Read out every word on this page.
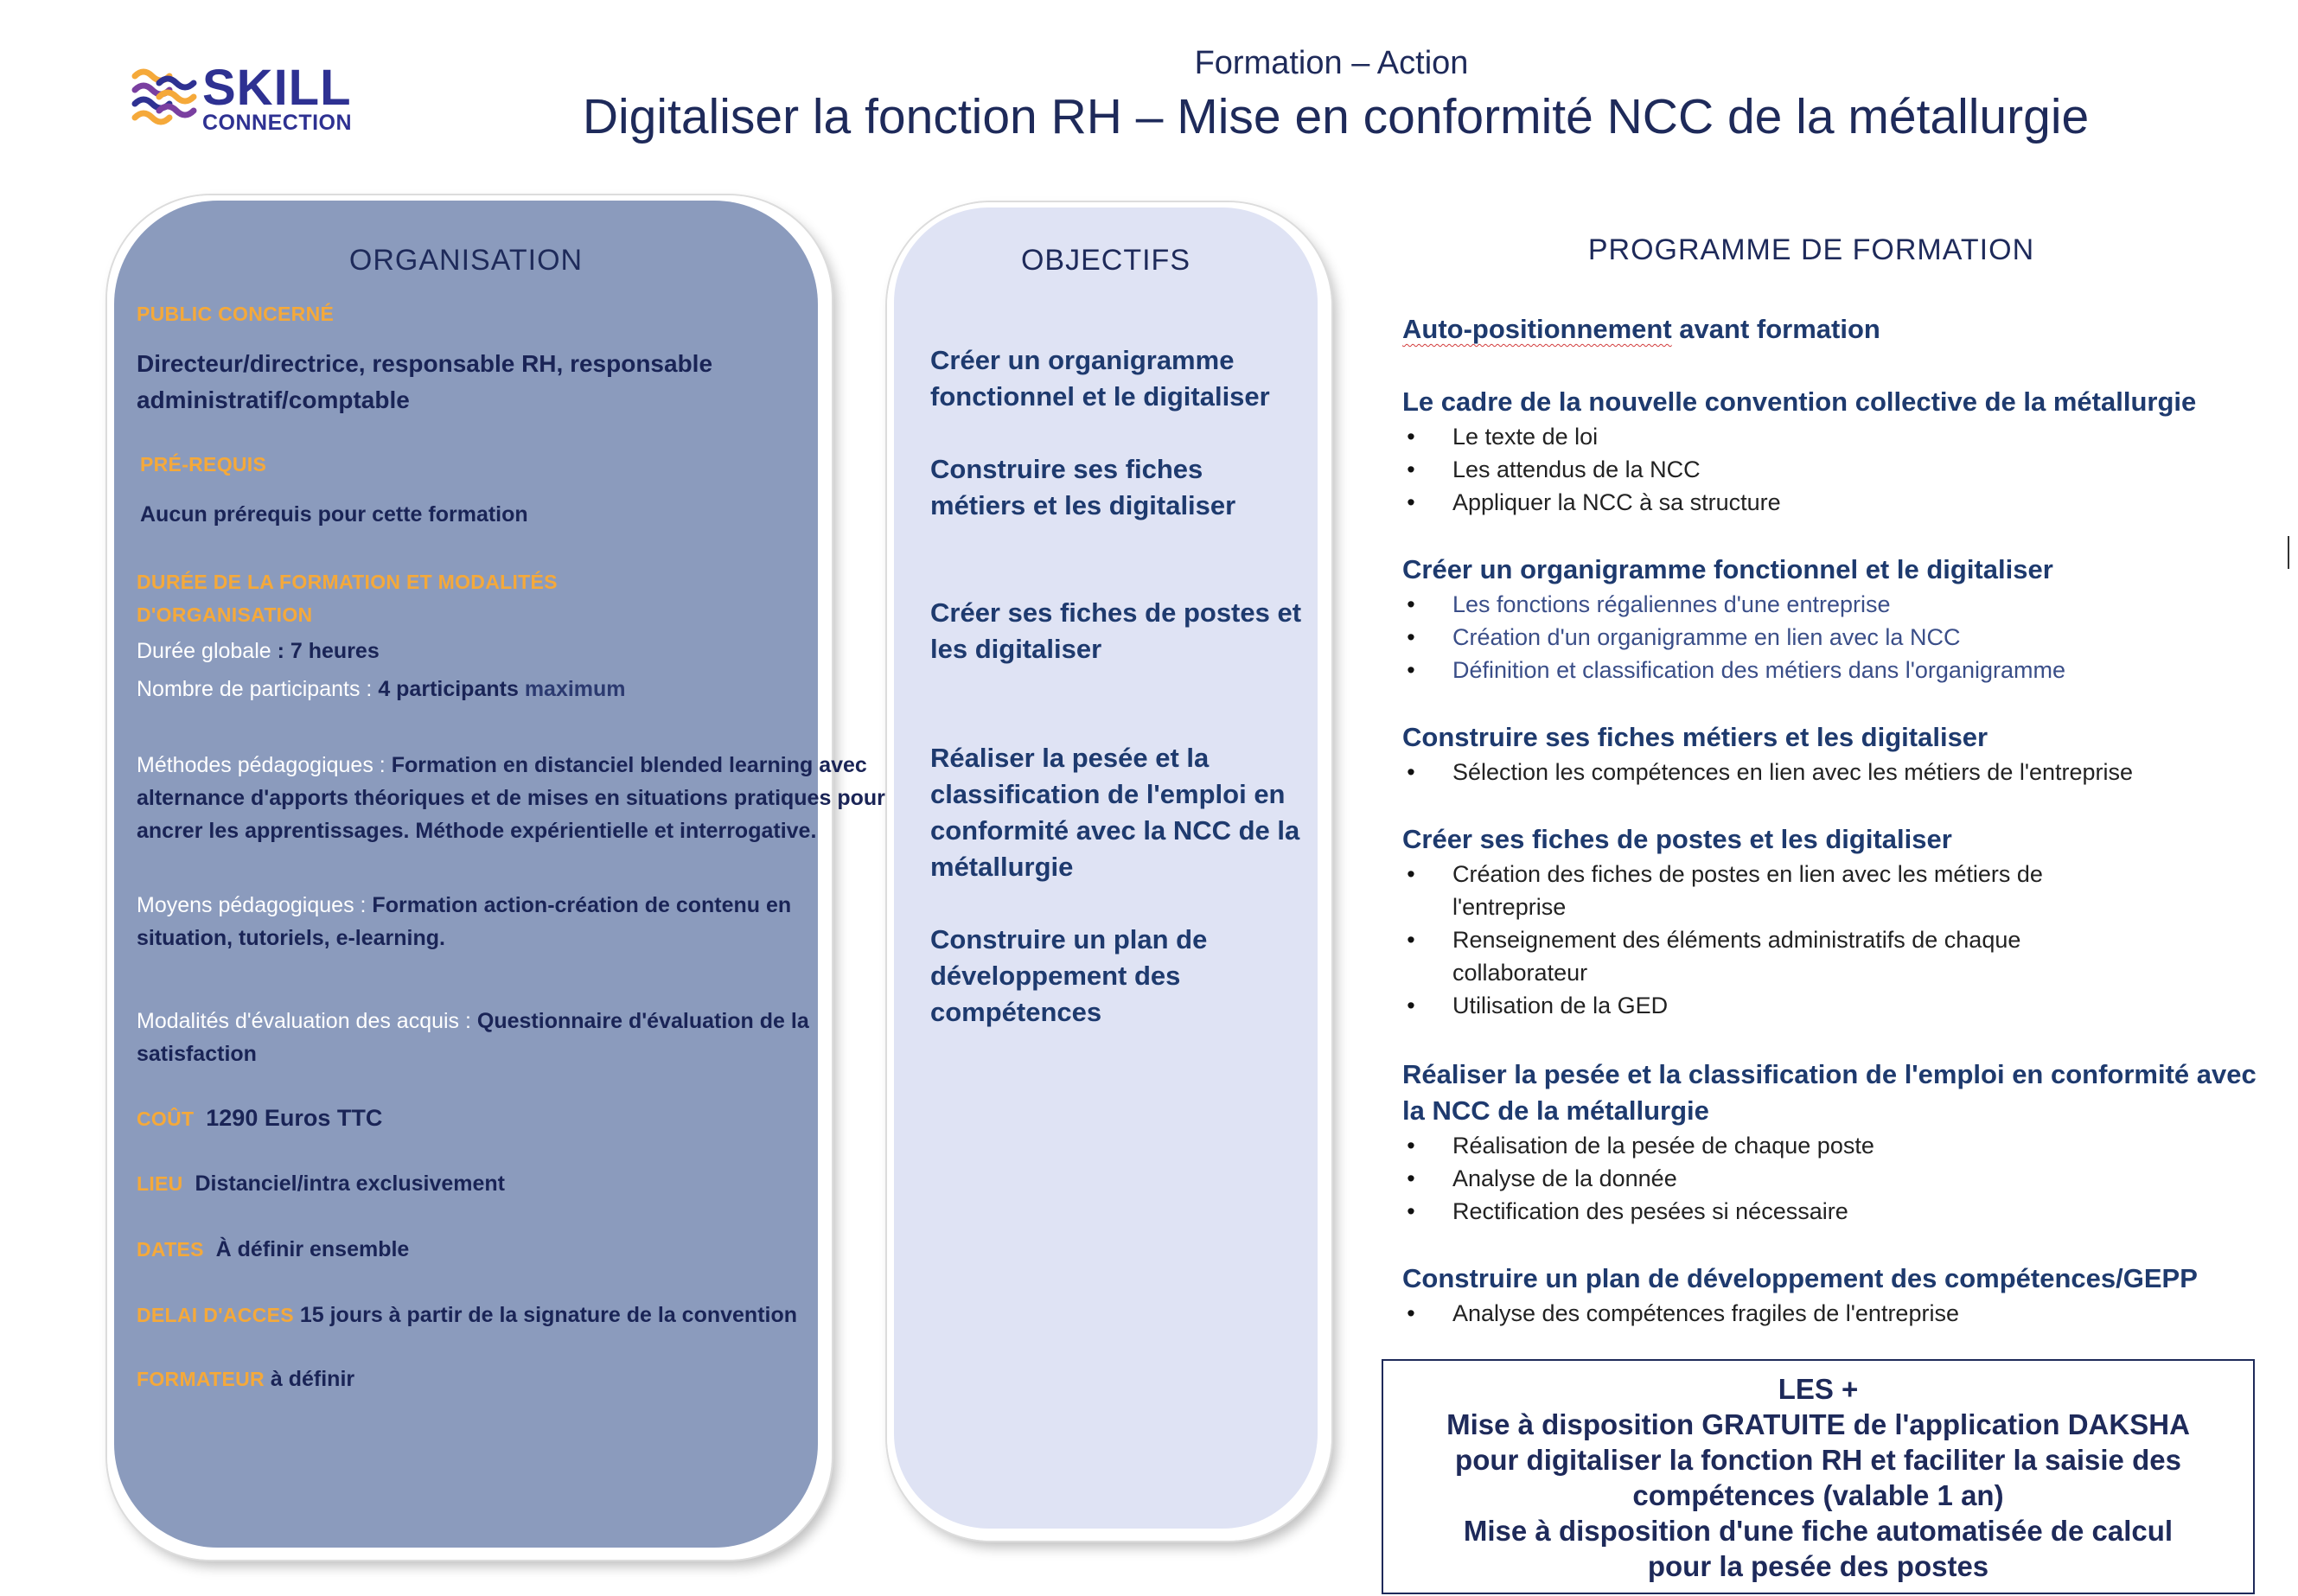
SKILL
CONNECTION
Formation – Action
Digitaliser la fonction RH – Mise en conformité NCC de la métallurgie
ORGANISATION
PUBLIC CONCERNÉ
Directeur/directrice, responsable RH, responsable
administratif/comptable
PRÉ-REQUIS
Aucun prérequis pour cette formation
DURÉE DE LA FORMATION ET MODALITÉS
D'ORGANISATION
Durée globale : 7 heures
Nombre de participants : 4 participants maximum
Méthodes pédagogiques : Formation en distanciel blended learning avec
alternance d'apports théoriques et de mises en situations pratiques pour
ancrer les apprentissages. Méthode expérientielle et interrogative.
Moyens pédagogiques : Formation action-création de contenu en
situation, tutoriels, e-learning.
Modalités d'évaluation des acquis : Questionnaire d'évaluation de la
satisfaction
COÛT 1290 Euros TTC
LIEU Distanciel/intra exclusivement
DATES À définir ensemble
DELAI D'ACCES 15 jours à partir de la signature de la convention
FORMATEUR à définir
OBJECTIFS
Créer un organigramme fonctionnel et le digitaliser
Construire ses fiches métiers et les digitaliser
Créer ses fiches de postes et les digitaliser
Réaliser la pesée et la classification de l'emploi en conformité avec la NCC de la métallurgie
Construire un plan de développement des compétences
PROGRAMME DE FORMATION
Auto-positionnement avant formation
Le cadre de la nouvelle convention collective de la métallurgie
• Le texte de loi
• Les attendus de la NCC
• Appliquer la NCC à sa structure
Créer un organigramme fonctionnel et le digitaliser
• Les fonctions régaliennes d'une entreprise
• Création d'un organigramme en lien avec la NCC
• Définition et classification des métiers dans l'organigramme
Construire ses fiches métiers et les digitaliser
• Sélection les compétences en lien avec les métiers de l'entreprise
Créer ses fiches de postes et les digitaliser
• Création des fiches de postes en lien avec les métiers de l'entreprise
• Renseignement des éléments administratifs de chaque collaborateur
• Utilisation de la GED
Réaliser la pesée et la classification de l'emploi en conformité avec
la NCC de la métallurgie
• Réalisation de la pesée de chaque poste
• Analyse de la donnée
• Rectification des pesées si nécessaire
Construire un plan de développement des compétences/GEPP
• Analyse des compétences fragiles de l'entreprise
LES +
Mise à disposition GRATUITE de l'application DAKSHA
pour digitaliser la fonction RH et faciliter la saisie des
compétences (valable 1 an)
Mise à disposition d'une fiche automatisée de calcul
pour la pesée des postes
